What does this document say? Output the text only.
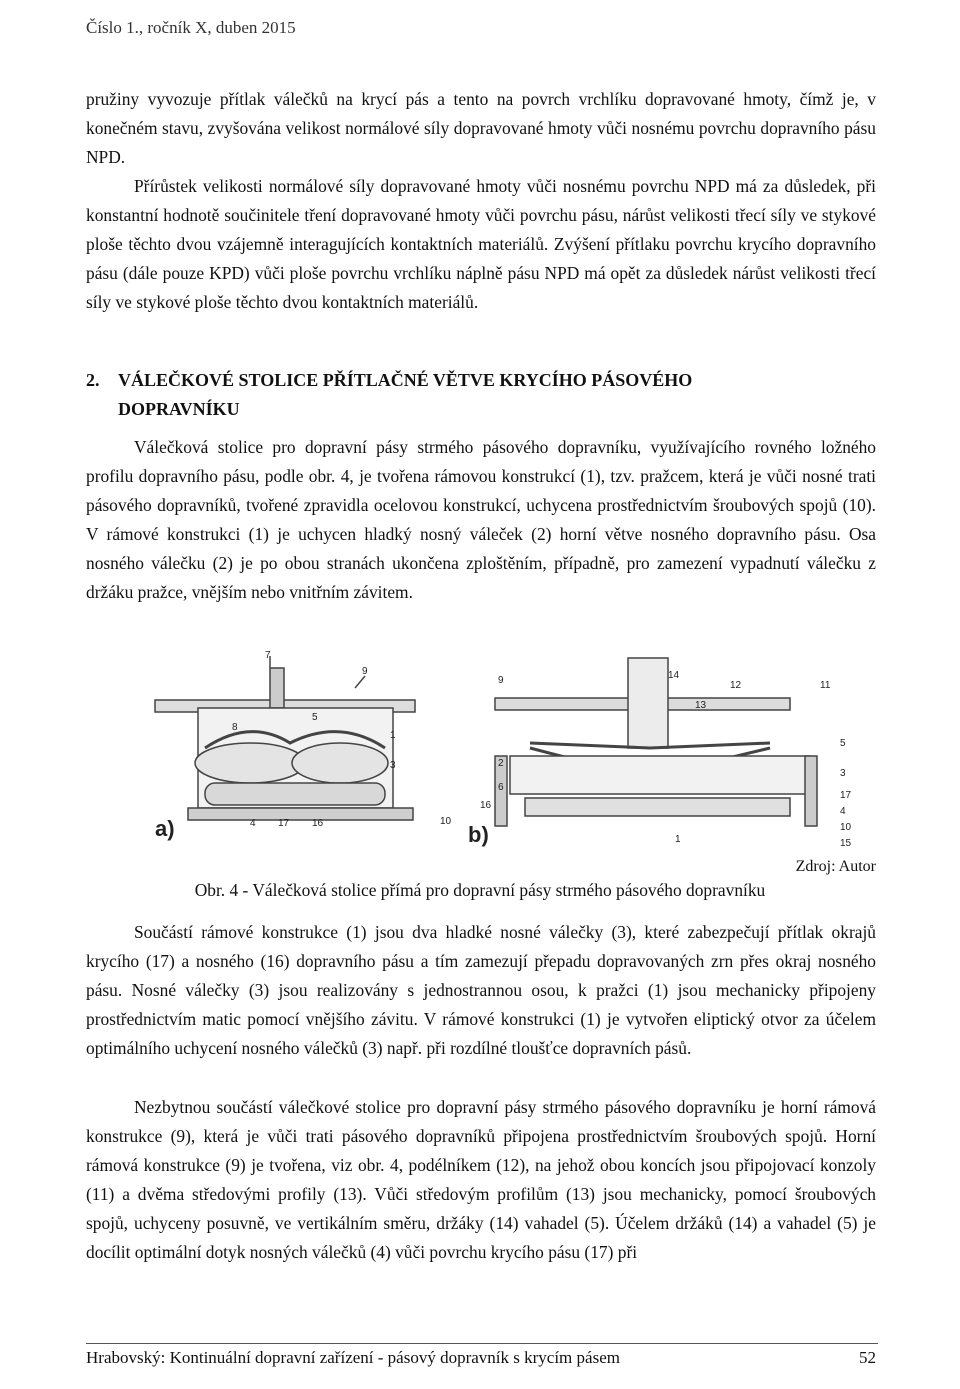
Číslo 1., ročník X, duben 2015

pružiny vyvozuje přítlak válečků na krycí pás a tento na povrch vrchlíku dopravované hmoty, čímž je, v konečném stavu, zvyšována velikost normálové síly dopravované hmoty vůči nosnému povrchu dopravního pásu NPD.

Přírůstek velikosti normálové síly dopravované hmoty vůči nosnému povrchu NPD má za důsledek, při konstantní hodnotě součinitele tření dopravované hmoty vůči povrchu pásu, nárůst velikosti třecí síly ve stykové ploše těchto dvou vzájemně interagujících kontaktních materiálů. Zvýšení přítlaku povrchu krycího dopravního pásu (dále pouze KPD) vůči ploše povrchu vrchlíku náplně pásu NPD má opět za důsledek nárůst velikosti třecí síly ve stykové ploše těchto dvou kontaktních materiálů.

2. VÁLEČKOVÉ STOLICE PŘÍTLAČNÉ VĚTVE KRYCÍHO PÁSOVÉHO
DOPRAVNÍKU

Válečková stolice pro dopravní pásy strmého pásového dopravníku, využívajícího rovného ložného profilu dopravního pásu, podle obr. 4, je tvořena rámovou konstrukcí (1), tzv. pražcem, která je vůči nosné trati pásového dopravníků, tvořené zpravidla ocelovou konstrukcí, uchycena prostřednictvím šroubových spojů (10). V rámové konstrukci (1) je uchycen hladký nosný váleček (2) horní větve nosného dopravního pásu. Osa nosného válečku (2) je po obou stranách ukončena zploštěním, případně, pro zamezení vypadnutí válečku z držáku pražce, vnějším nebo vnitřním závitem.

7
9
8
5
1
3
4 17 16	10
a)
9	14
13
12	11
2
6
5
3
17
16
4
10
1	15
b)
Zdroj: Autor
Obr. 4 - Válečková stolice přímá pro dopravní pásy strmého pásového dopravníku

Součástí rámové konstrukce (1) jsou dva hladké nosné válečky (3), které zabezpečují přítlak okrajů krycího (17) a nosného (16) dopravního pásu a tím zamezují přepadu dopravovaných zrn přes okraj nosného pásu. Nosné válečky (3) jsou realizovány s jednostrannou osou, k pražci (1) jsou mechanicky připojeny prostřednictvím matic pomocí vnějšího závitu. V rámové konstrukci (1) je vytvořen eliptický otvor za účelem optimálního uchycení nosného válečků (3) např. při rozdílné tloušťce dopravních pásů.

Nezbytnou součástí válečkové stolice pro dopravní pásy strmého pásového dopravníku je horní rámová konstrukce (9), která je vůči trati pásového dopravníků připojena prostřednictvím šroubových spojů. Horní rámová konstrukce (9) je tvořena, viz obr. 4, podélníkem (12), na jehož obou koncích jsou připojovací konzoly (11) a dvěma středovými profily (13). Vůči středovým profilům (13) jsou mechanicky, pomocí šroubových spojů, uchyceny posuvně, ve vertikálním směru, držáky (14) vahadel (5). Účelem držáků (14) a vahadel (5) je docílit optimální dotyk nosných válečků (4) vůči povrchu krycího pásu (17) při

Hrabovský: Kontinuální dopravní zařízení - pásový dopravník s krycím pásem	52
